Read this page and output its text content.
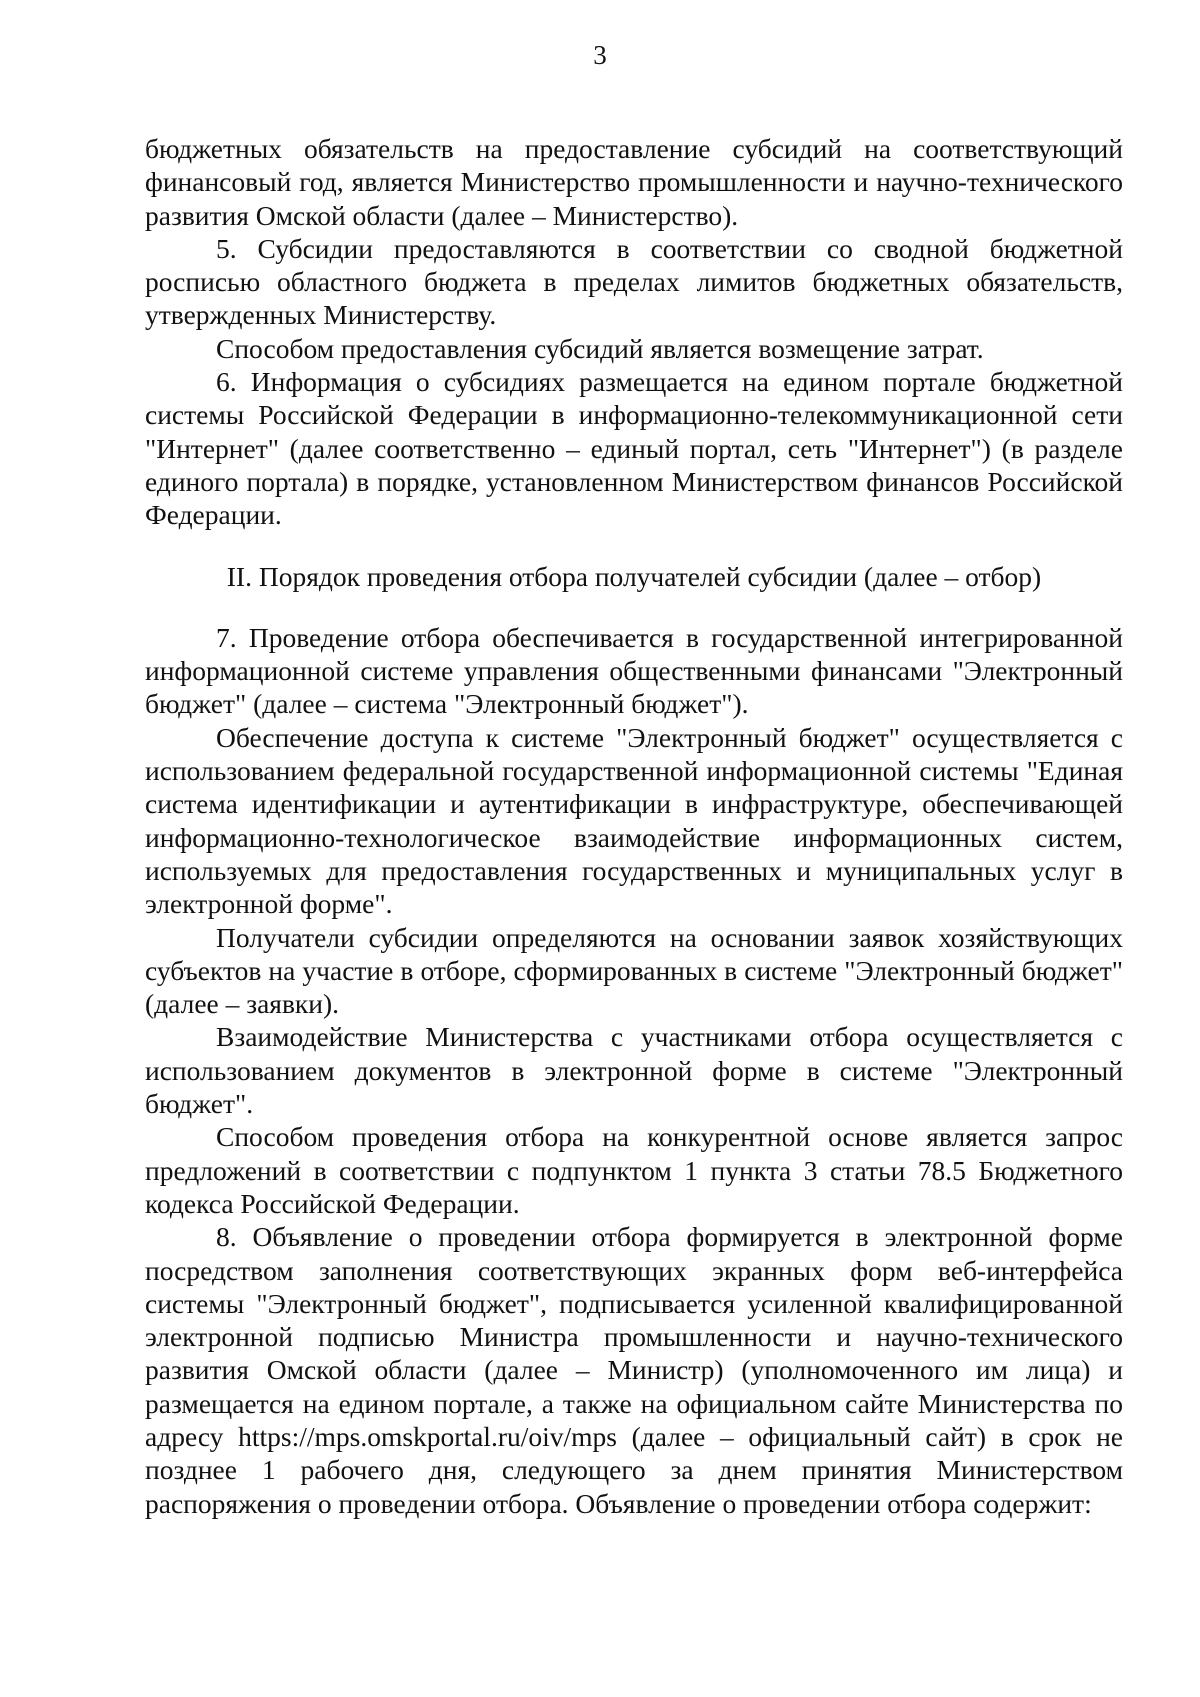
3

бюджетных обязательств на предоставление субсидий на соответствующий финансовый год, является Министерство промышленности и научно-технического развития Омской области (далее – Министерство).

5. Субсидии предоставляются в соответствии со сводной бюджетной росписью областного бюджета в пределах лимитов бюджетных обязательств, утвержденных Министерству.

Способом предоставления субсидий является возмещение затрат.

6. Информация о субсидиях размещается на едином портале бюджетной системы Российской Федерации в информационно-телекоммуникационной сети "Интернет" (далее соответственно – единый портал, сеть "Интернет") (в разделе единого портала) в порядке, установленном Министерством финансов Российской Федерации.

II. Порядок проведения отбора получателей субсидии (далее – отбор)

7. Проведение отбора обеспечивается в государственной интегрированной информационной системе управления общественными финансами "Электронный бюджет" (далее – система "Электронный бюджет").

Обеспечение доступа к системе "Электронный бюджет" осуществляется с использованием федеральной государственной информационной системы "Единая система идентификации и аутентификации в инфраструктуре, обеспечивающей информационно-технологическое взаимодействие информационных систем, используемых для предоставления государственных и муниципальных услуг в электронной форме".

Получатели субсидии определяются на основании заявок хозяйствующих субъектов на участие в отборе, сформированных в системе "Электронный бюджет" (далее – заявки).

Взаимодействие Министерства с участниками отбора осуществляется с использованием документов в электронной форме в системе "Электронный бюджет".

Способом проведения отбора на конкурентной основе является запрос предложений в соответствии с подпунктом 1 пункта 3 статьи 78.5 Бюджетного кодекса Российской Федерации.

8. Объявление о проведении отбора формируется в электронной форме посредством заполнения соответствующих экранных форм веб-интерфейса системы "Электронный бюджет", подписывается усиленной квалифицированной электронной подписью Министра промышленности и научно-технического развития Омской области (далее – Министр) (уполномоченного им лица) и размещается на едином портале, а также на официальном сайте Министерства по адресу https://mps.omskportal.ru/oiv/mps (далее – официальный сайт) в срок не позднее 1 рабочего дня, следующего за днем принятия Министерством распоряжения о проведении отбора. Объявление о проведении отбора содержит:
